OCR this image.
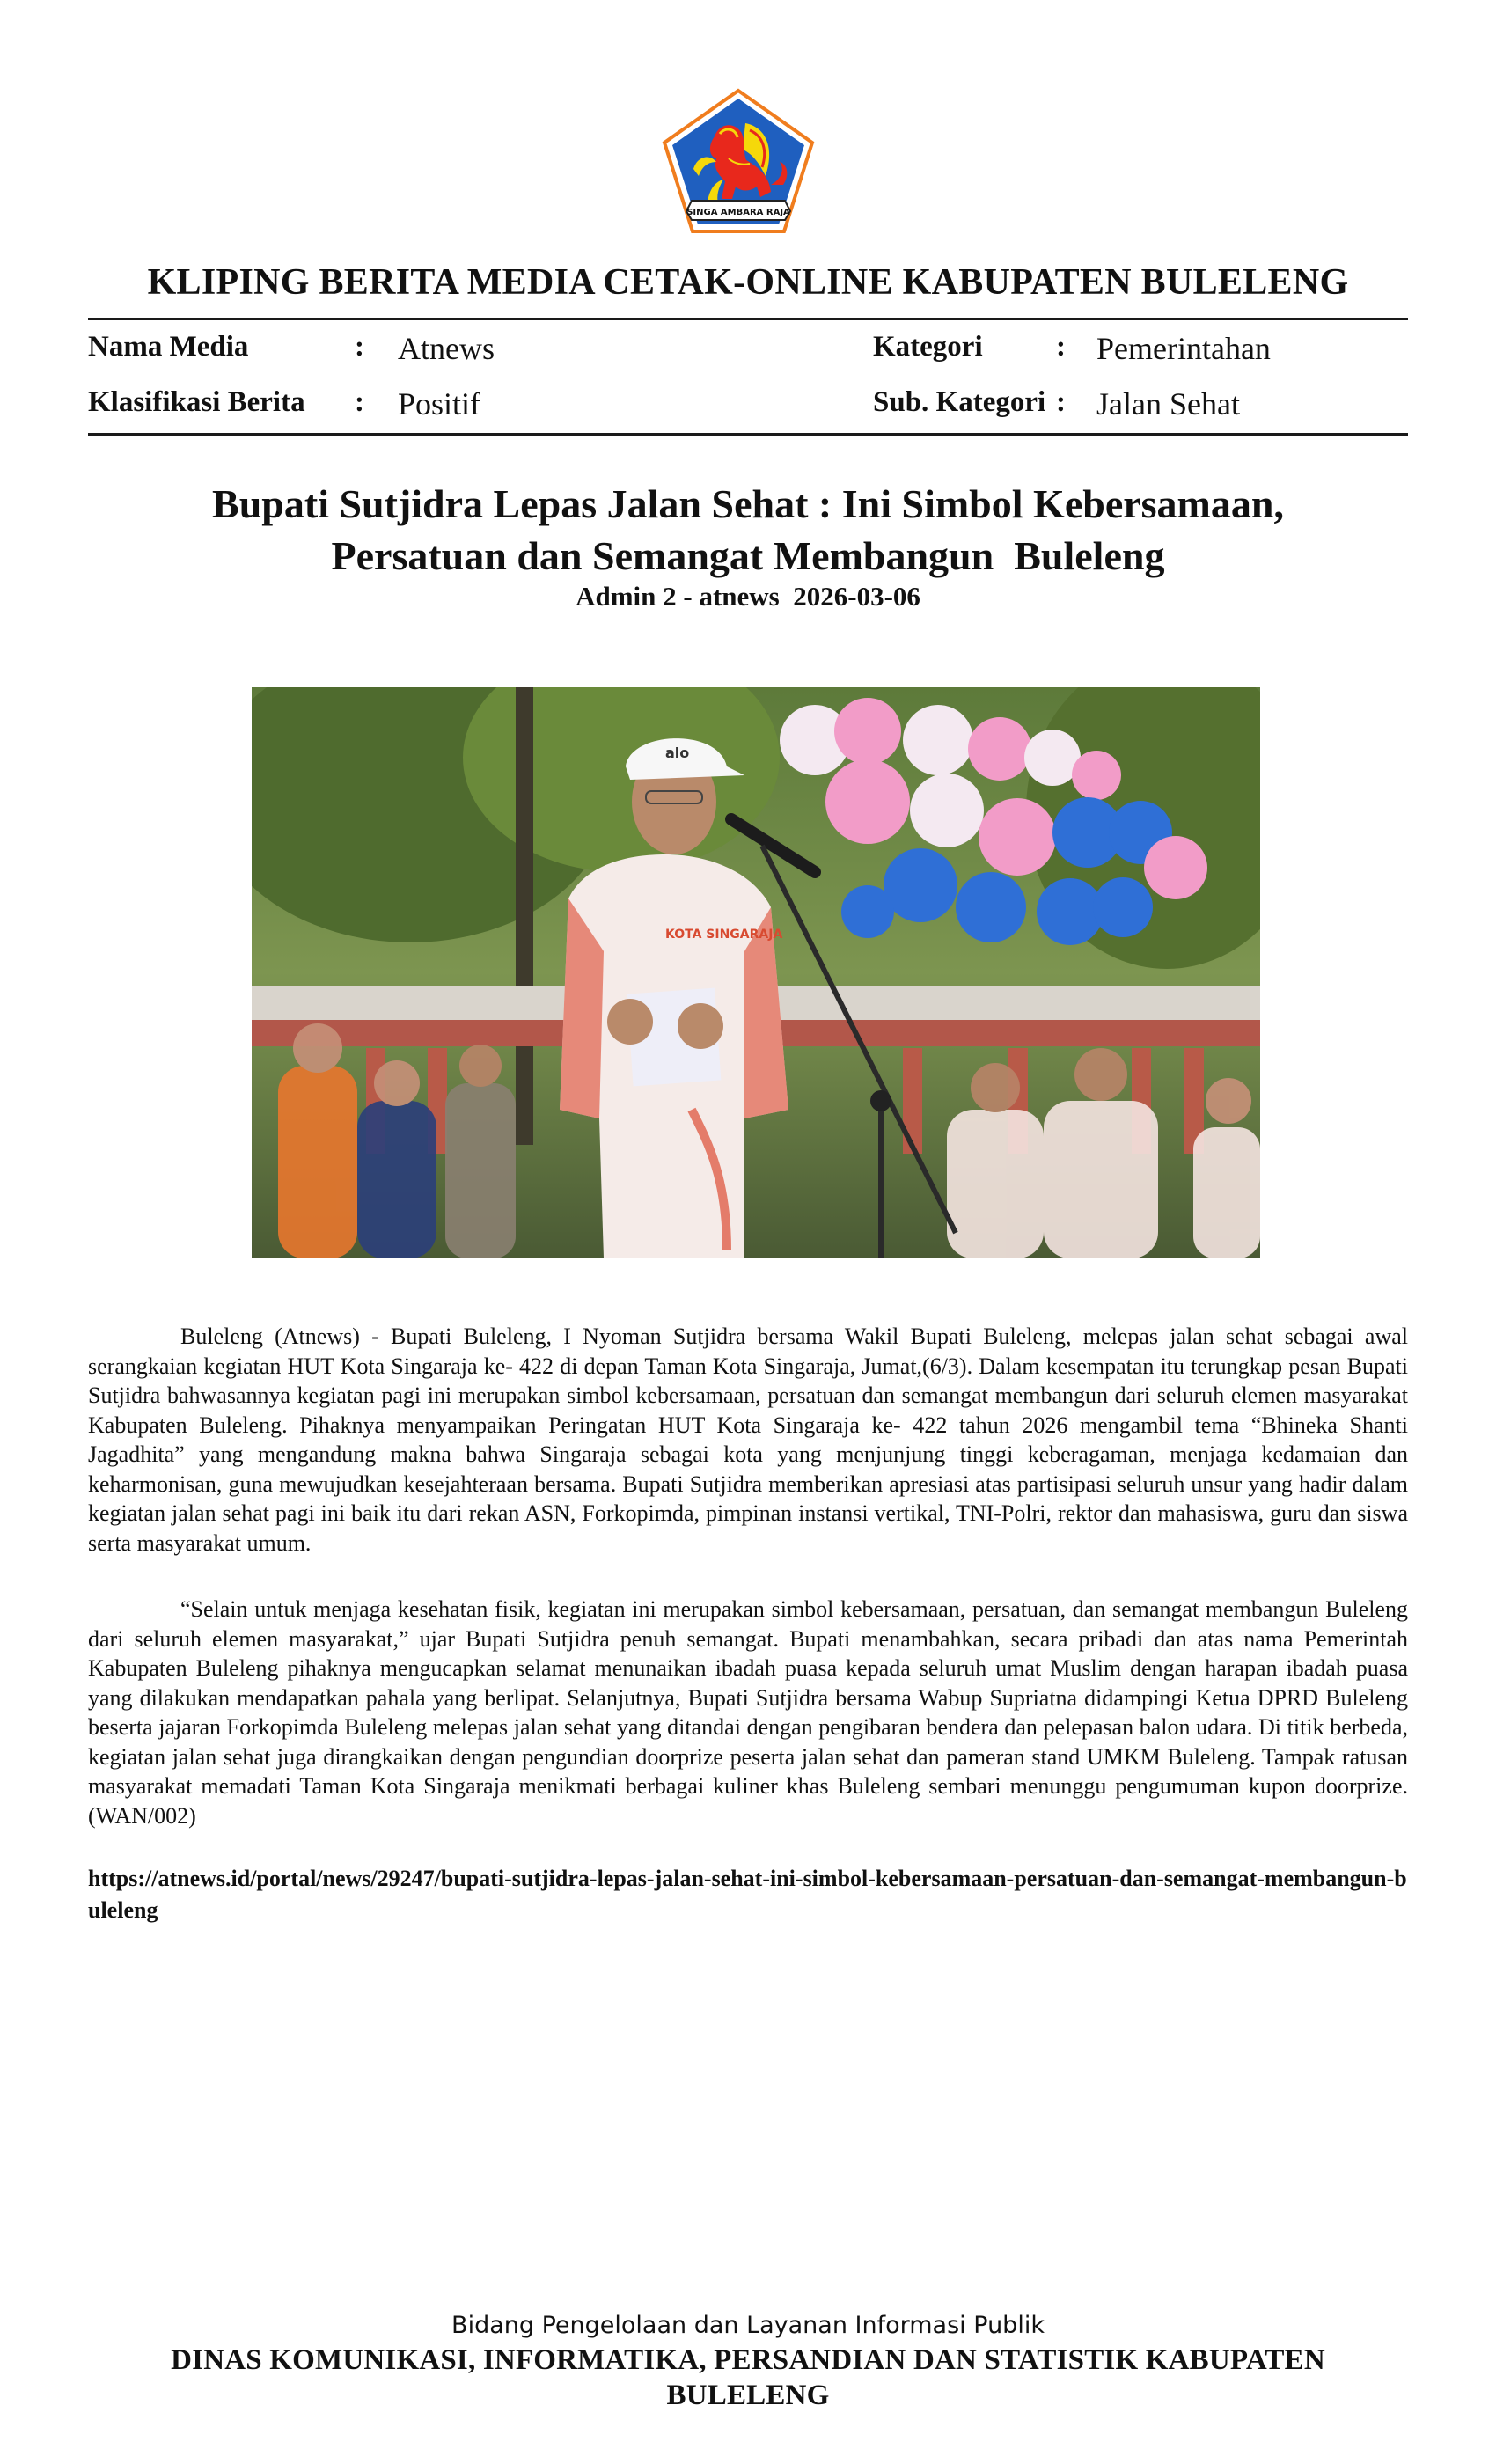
SINGA AMBARA RAJA
KLIPING BERITA MEDIA CETAK-ONLINE KABUPATEN BULELENG
Nama Media	: Atnews
Klasifikasi Berita : Positif
Kategori	: Pemerintahan
Sub. Kategori : Jalan Sehat
Bupati Sutjidra Lepas Jalan Sehat : Ini Simbol Kebersamaan,
Persatuan dan Semangat Membangun  Buleleng
Admin 2 - atnews  2026-03-06
alo
KOTA SINGARAJA
Buleleng (Atnews) - Bupati Buleleng, I Nyoman Sutjidra bersama Wakil Bupati Buleleng, melepas jalan sehat sebagai awal serangkaian kegiatan HUT Kota Singaraja ke- 422 di depan Taman Kota Singaraja, Jumat,(6/3). Dalam kesempatan itu terungkap pesan Bupati Sutjidra bahwasannya kegiatan pagi ini merupakan simbol kebersamaan, persatuan dan semangat membangun dari seluruh elemen masyarakat Kabupaten Buleleng. Pihaknya menyampaikan Peringatan HUT Kota Singaraja ke- 422 tahun 2026 mengambil tema “Bhineka Shanti Jagadhita” yang mengandung makna bahwa Singaraja sebagai kota yang menjunjung tinggi keberagaman, menjaga kedamaian dan keharmonisan, guna mewujudkan kesejahteraan bersama. Bupati Sutjidra memberikan apresiasi atas partisipasi seluruh unsur yang hadir dalam kegiatan jalan sehat pagi ini baik itu dari rekan ASN, Forkopimda, pimpinan instansi vertikal, TNI-Polri, rektor dan mahasiswa, guru dan siswa serta masyarakat umum.
“Selain untuk menjaga kesehatan fisik, kegiatan ini merupakan simbol kebersamaan, persatuan, dan semangat membangun Buleleng dari seluruh elemen masyarakat,” ujar Bupati Sutjidra penuh semangat. Bupati menambahkan, secara pribadi dan atas nama Pemerintah Kabupaten Buleleng pihaknya mengucapkan selamat menunaikan ibadah puasa kepada seluruh umat Muslim dengan harapan ibadah puasa yang dilakukan mendapatkan pahala yang berlipat. Selanjutnya, Bupati Sutjidra bersama Wabup Supriatna didampingi Ketua DPRD Buleleng beserta jajaran Forkopimda Buleleng melepas jalan sehat yang ditandai dengan pengibaran bendera dan pelepasan balon udara. Di titik berbeda, kegiatan jalan sehat juga dirangkaikan dengan pengundian doorprize peserta jalan sehat dan pameran stand UMKM Buleleng. Tampak ratusan masyarakat memadati Taman Kota Singaraja menikmati berbagai kuliner khas Buleleng sembari menunggu pengumuman kupon doorprize. (WAN/002)
https://atnews.id/portal/news/29247/bupati-sutjidra-lepas-jalan-sehat-ini-simbol-kebersamaan-persatuan-dan-semangat-membangun-buleleng
Bidang Pengelolaan dan Layanan Informasi Publik
DINAS KOMUNIKASI, INFORMATIKA, PERSANDIAN DAN STATISTIK KABUPATEN BULELENG
